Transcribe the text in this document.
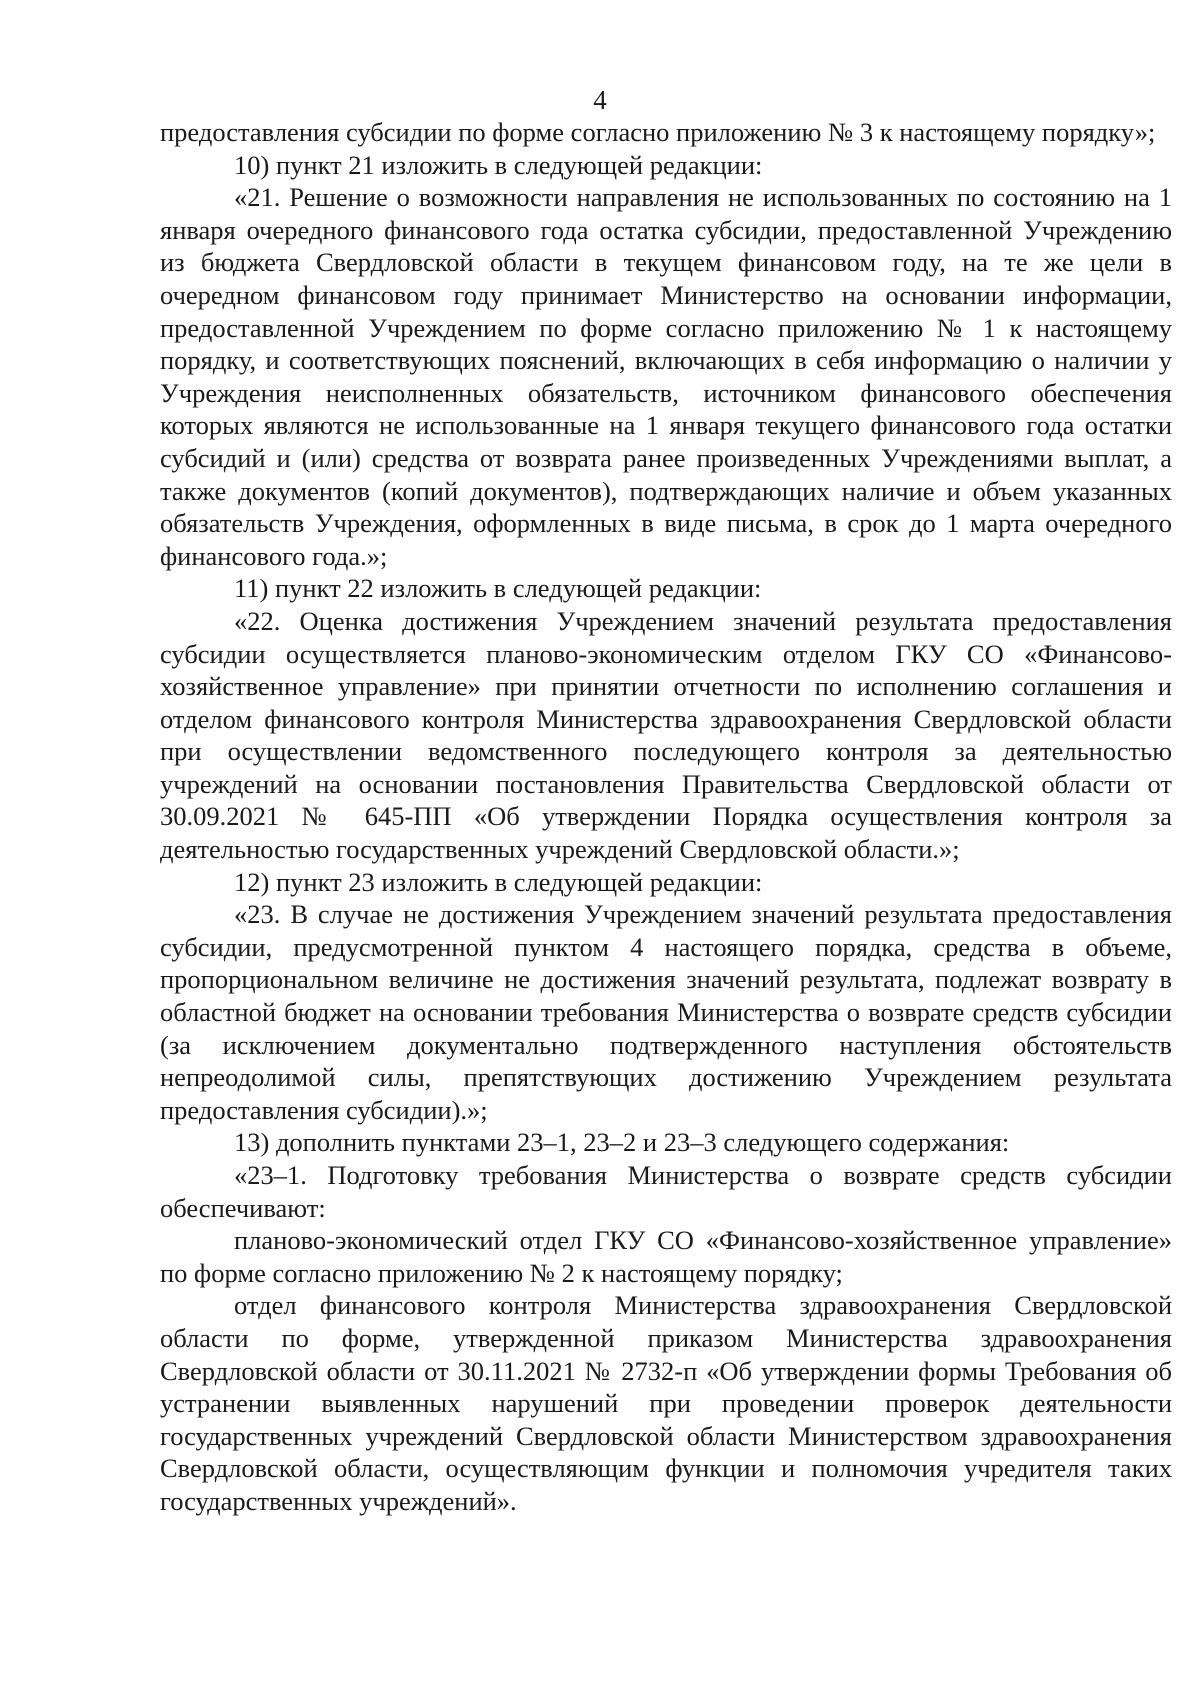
4

предоставления субсидии по форме согласно приложению № 3 к настоящему порядку»;

10) пункт 21 изложить в следующей редакции:

«21. Решение о возможности направления не использованных по состоянию на 1 января очередного финансового года остатка субсидии, предоставленной Учреждению из бюджета Свердловской области в текущем финансовом году, на те же цели в очередном финансовом году принимает Министерство на основании информации, предоставленной Учреждением по форме согласно приложению № 1 к настоящему порядку, и соответствующих пояснений, включающих в себя информацию о наличии у Учреждения неисполненных обязательств, источником финансового обеспечения которых являются не использованные на 1 января текущего финансового года остатки субсидий и (или) средства от возврата ранее произведенных Учреждениями выплат, а также документов (копий документов), подтверждающих наличие и объем указанных обязательств Учреждения, оформленных в виде письма, в срок до 1 марта очередного финансового года.»;

11) пункт 22 изложить в следующей редакции:

«22. Оценка достижения Учреждением значений результата предоставления субсидии осуществляется планово-экономическим отделом ГКУ СО «Финансово-хозяйственное управление» при принятии отчетности по исполнению соглашения и отделом финансового контроля Министерства здравоохранения Свердловской области при осуществлении ведомственного последующего контроля за деятельностью учреждений на основании постановления Правительства Свердловской области от 30.09.2021 № 645-ПП «Об утверждении Порядка осуществления контроля за деятельностью государственных учреждений Свердловской области.»;

12) пункт 23 изложить в следующей редакции:

«23. В случае не достижения Учреждением значений результата предоставления субсидии, предусмотренной пунктом 4 настоящего порядка, средства в объеме, пропорциональном величине не достижения значений результата, подлежат возврату в областной бюджет на основании требования Министерства о возврате средств субсидии (за исключением документально подтвержденного наступления обстоятельств непреодолимой силы, препятствующих достижению Учреждением результата предоставления субсидии).»;

13) дополнить пунктами 23–1, 23–2 и 23–3 следующего содержания:

«23–1. Подготовку требования Министерства о возврате средств субсидии обеспечивают:

планово-экономический отдел ГКУ СО «Финансово-хозяйственное управление» по форме согласно приложению № 2 к настоящему порядку;

отдел финансового контроля Министерства здравоохранения Свердловской области по форме, утвержденной приказом Министерства здравоохранения Свердловской области от 30.11.2021 № 2732-п «Об утверждении формы Требования об устранении выявленных нарушений при проведении проверок деятельности государственных учреждений Свердловской области Министерством здравоохранения Свердловской области, осуществляющим функции и полномочия учредителя таких государственных учреждений».
